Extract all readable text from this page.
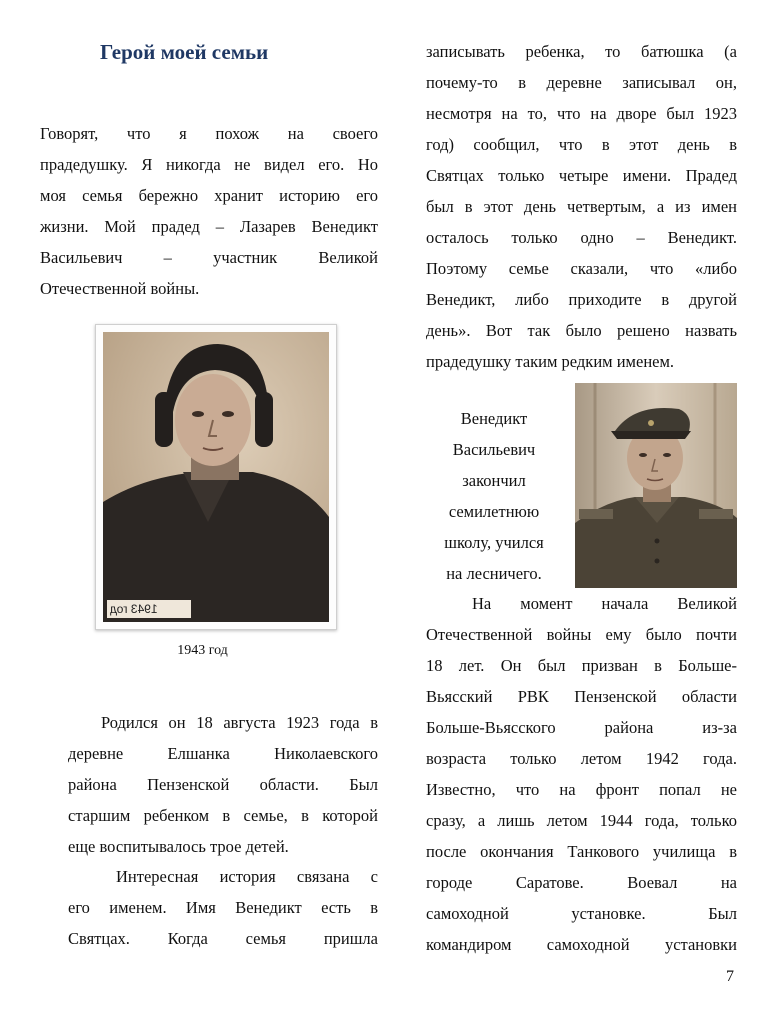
Герой моей семьи
Говорят, что я похож на своего
прадедушку. Я никогда не видел его. Но
моя семья бережно хранит историю его
жизни. Мой прадед – Лазарев Венедикт
Васильевич – участник Великой
Отечественной войны.
1943 год
1943 год
Родился он 18 августа 1923 года в
деревне Елшанка Николаевского
района Пензенской области. Был
старшим ребенком в семье, в которой
еще воспитывалось трое детей.
Интересная история связана с
его именем. Имя Венедикт есть в
Святцах. Когда семья пришла
записывать ребенка, то батюшка (а
почему-то в деревне записывал он,
несмотря на то, что на дворе был 1923
год) сообщил, что в этот день в
Святцах только четыре имени. Прадед
был в этот день четвертым, а из имен
осталось только одно – Венедикт.
Поэтому семье сказали, что «либо
Венедикт, либо приходите в другой
день». Вот так было решено назвать
прадедушку таким редким именем.
Венедикт
Васильевич
закончил
семилетнюю
школу, учился
на лесничего.
На момент начала Великой
Отечественной войны ему было почти
18 лет. Он был призван в Больше-
Вьясский РВК Пензенской области
Больше-Вьясского района из-за
возраста только летом 1942 года.
Известно, что на фронт попал не
сразу, а лишь летом 1944 года, только
после окончания Танкового училища в
городе Саратове. Воевал на
самоходной установке. Был
командиром самоходной установки
7
